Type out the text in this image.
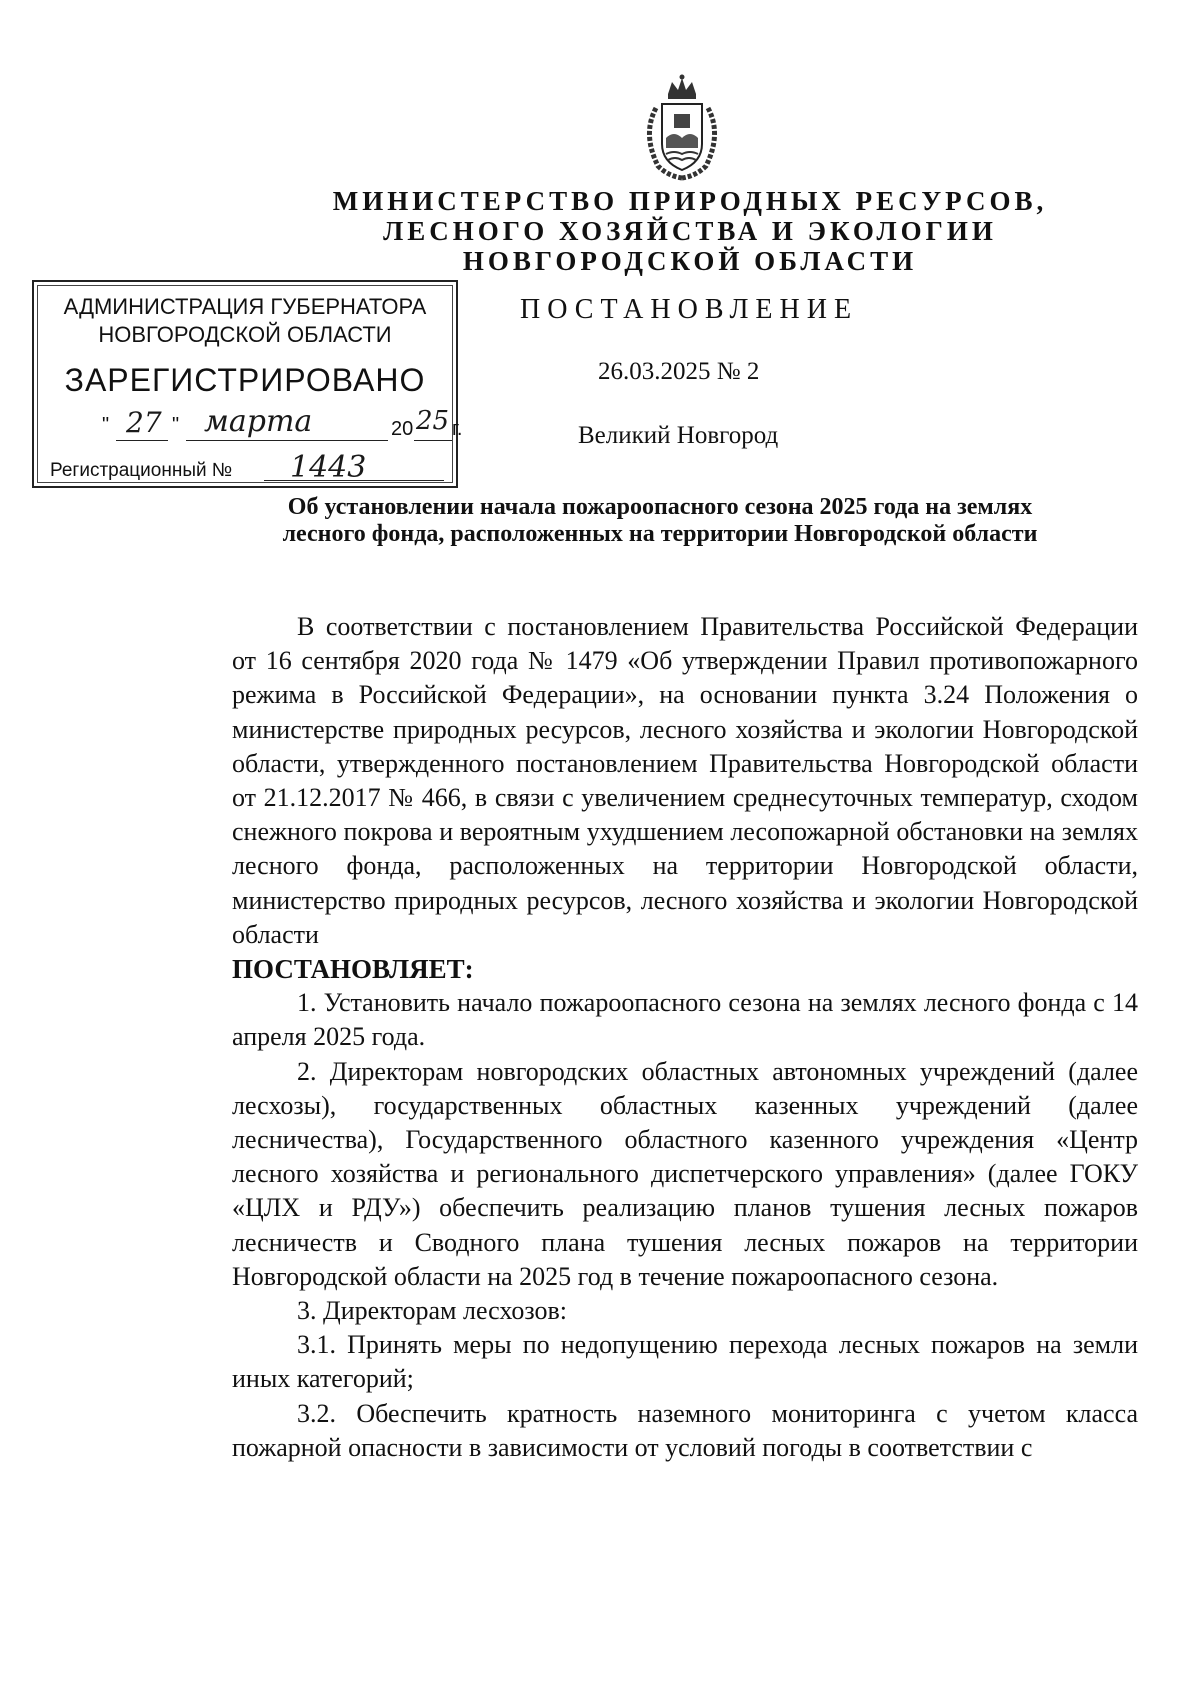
МИНИСТЕРСТВО ПРИРОДНЫХ РЕСУРСОВ,
ЛЕСНОГО ХОЗЯЙСТВА И ЭКОЛОГИИ
НОВГОРОДСКОЙ ОБЛАСТИ
АДМИНИСТРАЦИЯ ГУБЕРНАТОРА
НОВГОРОДСКОЙ ОБЛАСТИ
ЗАРЕГИСТРИРОВАНО
" 27 " марта	20 25 г.
Регистрационный № 1443
ПОСТАНОВЛЕНИЕ
26.03.2025 № 2
Великий Новгород
Об установлении начала пожароопасного сезона 2025 года на землях
лесного фонда, расположенных на территории Новгородской области

В соответствии с постановлением Правительства Российской Федерации от 16 сентября 2020 года № 1479 «Об утверждении Правил противопожарного режима в Российской Федерации», на основании пункта 3.24 Положения о министерстве природных ресурсов, лесного хозяйства и экологии Новгородской области, утвержденного постановлением Правительства Новгородской области от 21.12.2017 № 466, в связи с увеличением среднесуточных температур, сходом снежного покрова и вероятным ухудшением лесопожарной обстановки на землях лесного фонда, расположенных на территории Новгородской области, министерство природных ресурсов, лесного хозяйства и экологии Новгородской области

ПОСТАНОВЛЯЕТ:

1. Установить начало пожароопасного сезона на землях лесного фонда с 14 апреля 2025 года.

2. Директорам новгородских областных автономных учреждений (далее лесхозы), государственных областных казенных учреждений (далее лесничества), Государственного областного казенного учреждения «Центр лесного хозяйства и регионального диспетчерского управления» (далее ГОКУ «ЦЛХ и РДУ») обеспечить реализацию планов тушения лесных пожаров лесничеств и Сводного плана тушения лесных пожаров на территории Новгородской области на 2025 год в течение пожароопасного сезона.

3. Директорам лесхозов:

3.1. Принять меры по недопущению перехода лесных пожаров на земли иных категорий;

3.2. Обеспечить кратность наземного мониторинга с учетом класса пожарной опасности в зависимости от условий погоды в соответствии с
